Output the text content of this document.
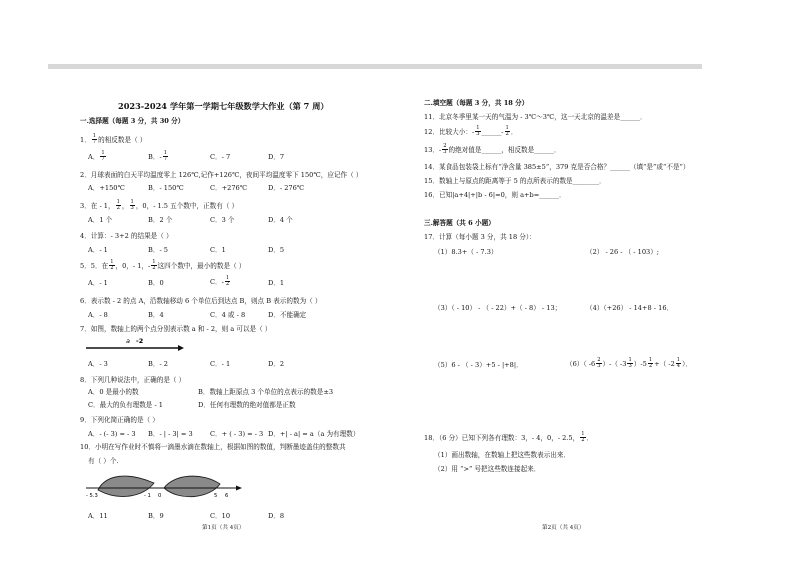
2023-2024 学年第一学期七年级数学大作业（第 7 周）
一.选择题（每题 3 分，共 30 分）
1． $\frac{1}{7}$ 的相反数是（ ）
A． $\frac{1}{7}$	B．- $\frac{1}{7}$	C．- 7	D．7
2．月球表面的白天平均温度零上 126℃,记作+126℃，夜间平均温度零下 150℃，应记作（ ）
A．+150℃	B．- 150℃	C．+276℃	D．- 276℃
3．在 - 1， $\frac{1}{2}$ ， $\frac{1}{3}$ ，0，- 1.5 五个数中，正数有（ ）
A．1 个	B．2 个	C．3 个	D．4 个
4．计算：- 3+2 的结果是（ ）
A．- 1	B．- 5	C．1	D．5
5．5．在 $\frac{1}{2}$ ，0，- 1，- $\frac{1}{2}$ 这四个数中，最小的数是（ ）
A．- 1	B．0	C．- $\frac{1}{2}$	D．1
6．表示数 - 2 的点 A，沿数轴移动 6 个单位后到达点 B，则点 B 表示的数为（ ）
A．- 8	B．4	C．4 或 - 8	D．不能确定
7．如图，数轴上的两个点分别表示数 a 和 - 2，则 a 可以是（ ）
a -2
A．- 3	B．- 2	C．- 1	D．2
8．下列几种说法中，正确的是（ ）
A．0 是最小的数	B．数轴上距原点 3 个单位的点表示的数是±3
C．最大的负有理数是 - 1	D．任何有理数的绝对值都是正数
9．下列化简正确的是（ ）
A．- (- 3) = - 3 B．- | - 3| = 3	C．+ ( - 3) = - 3 D．+| - a| = a（a 为有理数）
10．小明在写作业时不慎将一滴墨水滴在数轴上，根据如图的数值，判断墨迹盖住的整数共
有（ ）个.
- 5.3	- 1 0	5 6
A．11	B．9	C．10	D．8
第1页（共 4页）
二.填空题（每题 3 分，共 18 分）
11．北京冬季里某一天的气温为 - 3℃～3℃，这一天北京的温差是______．
12．比较大小：- $\frac{1}{3}$ ______- $\frac{1}{2}$ ．
13．- $\frac{2}{3}$ 的绝对值是______，相反数是______．
14．某食品包装袋上标有“净含量 385±5”，379 克是否合格？______（填“是”或“不是”）
15．数轴上与原点的距离等于 5 的点所表示的数是________．
16．已知|a+4|+|b - 6|=0，则 a+b=______．
三.解答题（共 6 小题）
17．计算（每小题 3 分，共 18 分）：
（1）8.3+（ - 7.3）	（2） - 26 - （ - 103）;
（3）（ - 10） - （ - 22）+（ - 8） - 13；	（4）（+26） - 14+8 - 16．
（5）6 - （ - 3）+5 - |+8|．	（6）（ $-6 \frac{2}{3}$ ）-（ $-3 \frac{1}{3} )-5 \frac{1}{2}$ +（ $-2 \frac{1}{4}$ ）．
18．（6 分）已知下列各有理数：3，- 4，0，- 2.5， $\frac{1}{2}$ ．
（1）画出数轴，在数轴上把这些数表示出来．
（2）用 “>” 号把这些数连接起来．
第2页（共 4页）
